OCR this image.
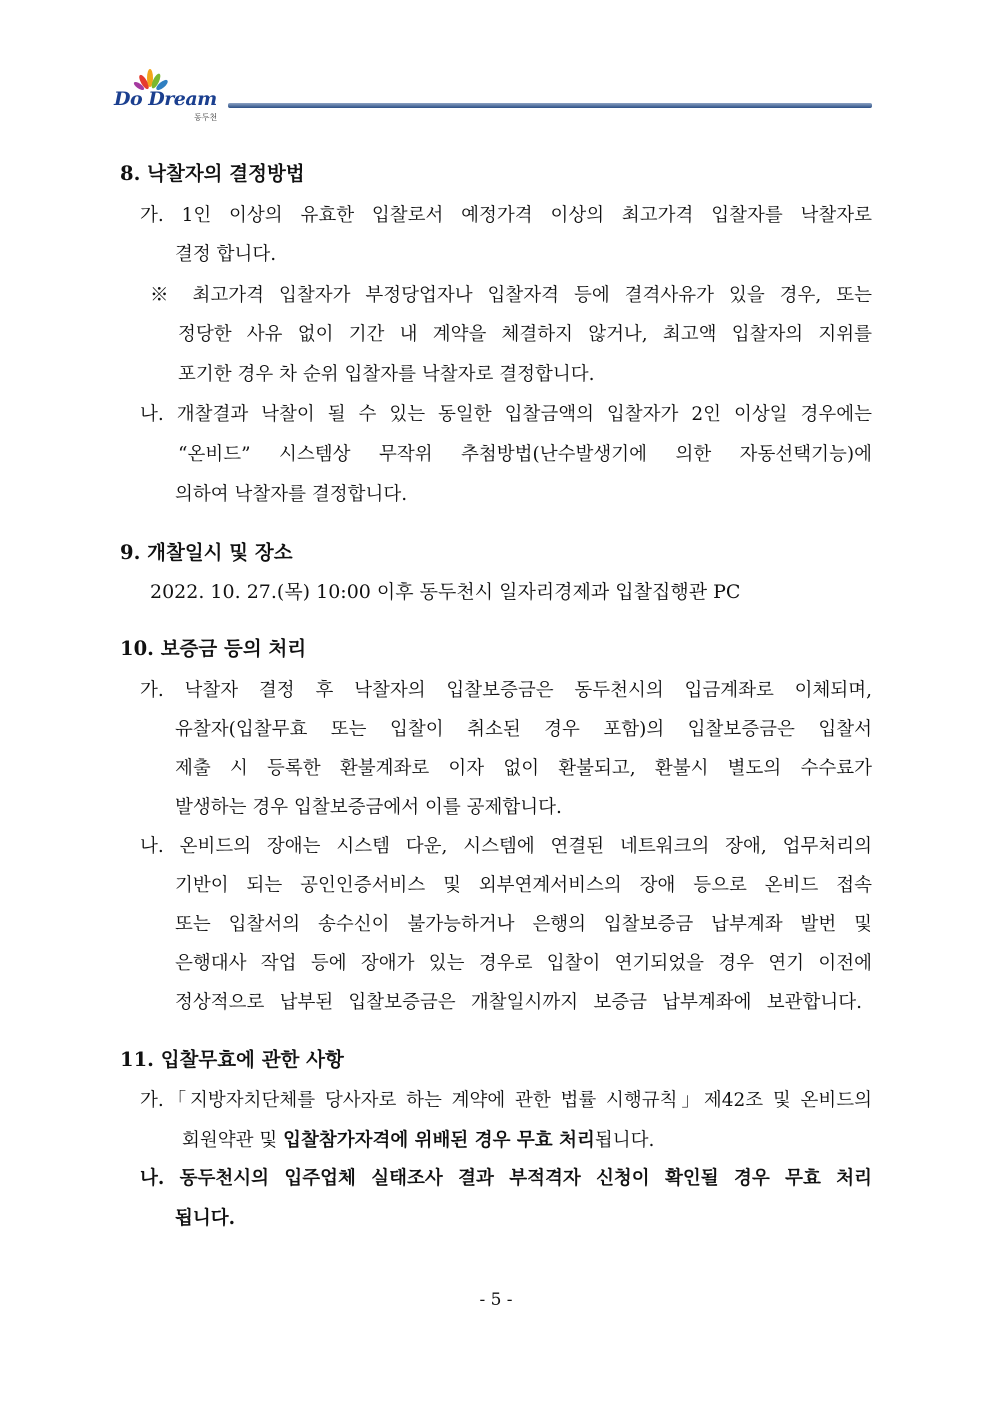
Do Dream
동두천
8. 낙찰자의 결정방법
가. 1인 이상의 유효한 입찰로서 예정가격 이상의 최고가격 입찰자를 낙찰자로
결정 합니다.
※ 최고가격 입찰자가 부정당업자나 입찰자격 등에 결격사유가 있을 경우, 또는
정당한 사유 없이 기간 내 계약을 체결하지 않거나, 최고액 입찰자의 지위를
포기한 경우 차 순위 입찰자를 낙찰자로 결정합니다.
나. 개찰결과 낙찰이 될 수 있는 동일한 입찰금액의 입찰자가 2인 이상일 경우에는
“온비드” 시스템상 무작위 추첨방법(난수발생기에 의한 자동선택기능)에
의하여 낙찰자를 결정합니다.
9. 개찰일시 및 장소
2022. 10. 27.(목) 10:00 이후 동두천시 일자리경제과 입찰집행관 PC
10. 보증금 등의 처리
가. 낙찰자 결정 후 낙찰자의 입찰보증금은 동두천시의 입금계좌로 이체되며,
유찰자(입찰무효 또는 입찰이 취소된 경우 포함)의 입찰보증금은 입찰서
제출 시 등록한 환불계좌로 이자 없이 환불되고, 환불시 별도의 수수료가
발생하는 경우 입찰보증금에서 이를 공제합니다.
나. 온비드의 장애는 시스템 다운, 시스템에 연결된 네트워크의 장애, 업무처리의
기반이 되는 공인인증서비스 및 외부연계서비스의 장애 등으로 온비드 접속
또는 입찰서의 송수신이 불가능하거나 은행의 입찰보증금 납부계좌 발번 및
은행대사 작업 등에 장애가 있는 경우로 입찰이 연기되었을 경우 연기 이전에
정상적으로 납부된 입찰보증금은 개찰일시까지 보증금 납부계좌에 보관합니다.
11. 입찰무효에 관한 사항
가.「지방자치단체를 당사자로 하는 계약에 관한 법률 시행규칙」제42조 및 온비드의
회원약관 및 입찰참가자격에 위배된 경우 무효 처리됩니다.
나. 동두천시의 입주업체 실태조사 결과 부적격자 신청이 확인될 경우 무효 처리
됩니다.
- 5 -
